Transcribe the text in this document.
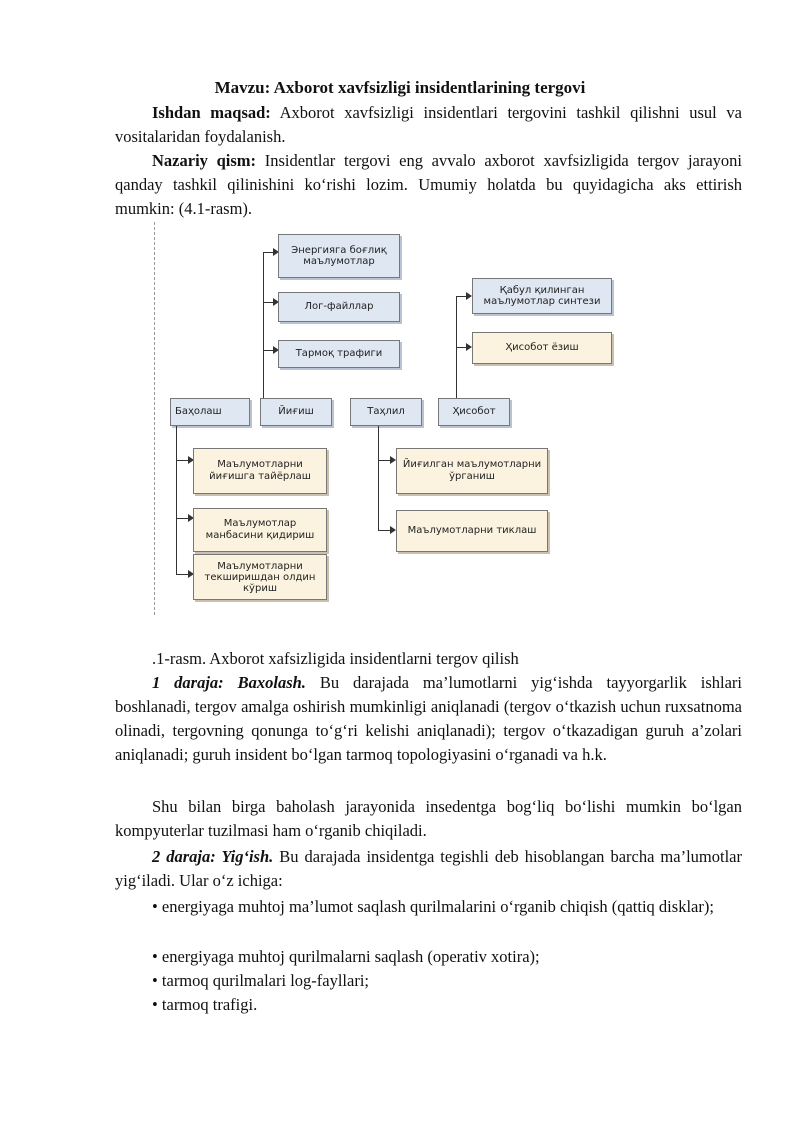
Mavzu: Axborot xavfsizligi insidentlarining tergovi

Ishdan maqsad: Axborot xavfsizligi insidentlari tergovini tashkil qilishni usul va vositalaridan foydalanish.

Nazariy qism: Insidentlar tergovi eng avvalo axborot xavfsizligida tergov jarayoni qanday tashkil qilinishini ko‘rishi lozim. Umumiy holatda bu quyidagicha aks ettirish mumkin: (4.1-rasm).

Энергияга боғлиқ маълумотлар
Лог-файллар
Тармоқ трафиги
Қабул қилинган маълумотлар синтези
Ҳисобот ёзиш
Баҳолаш	Йиғиш	Таҳлил	Ҳисобот
Маълумотларни йиғишга тайёрлаш
Маълумотлар манбасини қидириш
Маълумотларни текширишдан олдин кўриш
Йиғилган маълумотларни ўрганиш
Маълумотларни тиклаш
.1-rasm. Axborot xafsizligida insidentlarni tergov qilish

1 daraja: Baxolash. Bu darajada ma’lumotlarni yig‘ishda tayyorgarlik ishlari boshlanadi, tergov amalga oshirish mumkinligi aniqlanadi (tergov o‘tkazish uchun ruxsatnoma olinadi, tergovning qonunga to‘g‘ri kelishi aniqlanadi); tergov o‘tkazadigan guruh a’zolari aniqlanadi; guruh insident bo‘lgan tarmoq topologiyasini o‘rganadi va h.k.

Shu bilan birga baholash jarayonida insedentga bog‘liq bo‘lishi mumkin bo‘lgan kompyuterlar tuzilmasi ham o‘rganib chiqiladi.

2 daraja: Yig‘ish. Bu darajada insidentga tegishli deb hisoblangan barcha ma’lumotlar yig‘iladi. Ular o‘z ichiga:

• energiyaga muhtoj ma’lumot saqlash qurilmalarini o‘rganib chiqish (qattiq disklar);

• energiyaga muhtoj qurilmalarni saqlash (operativ xotira);

• tarmoq qurilmalari log-fayllari;

• tarmoq trafigi.
